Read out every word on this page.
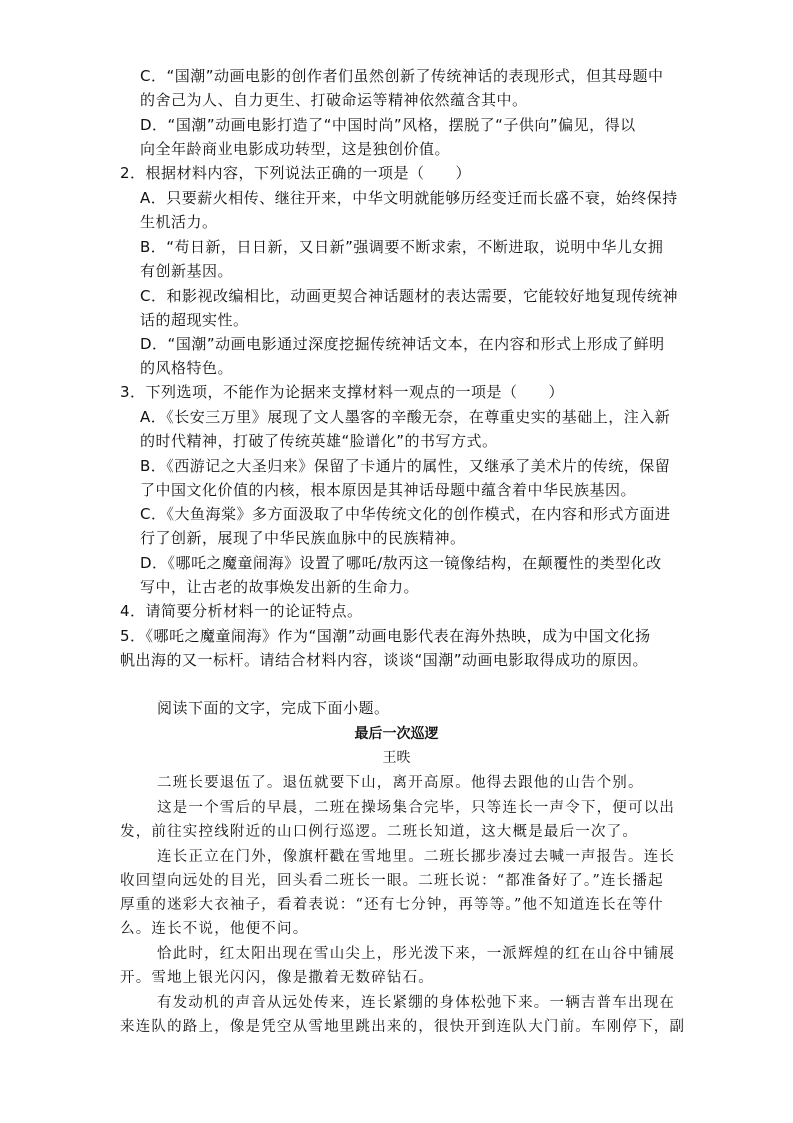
C．“国潮”动画电影的创作者们虽然创新了传统神话的表现形式，但其母题中
的舍己为人、自力更生、打破命运等精神依然蕴含其中。
D．“国潮”动画电影打造了“中国时尚”风格，摆脱了“子供向”偏见，得以
向全年龄商业电影成功转型，这是独创价值。
2．根据材料内容，下列说法正确的一项是（　　）
A．只要薪火相传、继往开来，中华文明就能够历经变迁而长盛不衰，始终保持
生机活力。
B．“苟日新，日日新，又日新”强调要不断求索，不断进取，说明中华儿女拥
有创新基因。
C．和影视改编相比，动画更契合神话题材的表达需要，它能较好地复现传统神
话的超现实性。
D．“国潮”动画电影通过深度挖掘传统神话文本，在内容和形式上形成了鲜明
的风格特色。
3．下列选项，不能作为论据来支撑材料一观点的一项是（　　）
A．《长安三万里》展现了文人墨客的辛酸无奈，在尊重史实的基础上，注入新
的时代精神，打破了传统英雄“脸谱化”的书写方式。
B．《西游记之大圣归来》保留了卡通片的属性，又继承了美术片的传统，保留
了中国文化价值的内核，根本原因是其神话母题中蕴含着中华民族基因。
C．《大鱼海棠》多方面汲取了中华传统文化的创作模式，在内容和形式方面进
行了创新，展现了中华民族血脉中的民族精神。
D．《哪吒之魔童闹海》设置了哪吒/敖丙这一镜像结构，在颠覆性的类型化改
写中，让古老的故事焕发出新的生命力。
4．请简要分析材料一的论证特点。
5．《哪吒之魔童闹海》作为“国潮”动画电影代表在海外热映，成为中国文化扬
帆出海的又一标杆。请结合材料内容，谈谈“国潮”动画电影取得成功的原因。
阅读下面的文字，完成下面小题。
最后一次巡逻
王昳
二班长要退伍了。退伍就要下山，离开高原。他得去跟他的山告个别。
这是一个雪后的早晨，二班在操场集合完毕，只等连长一声令下，便可以出
发，前往实控线附近的山口例行巡逻。二班长知道，这大概是最后一次了。
连长正立在门外，像旗杆戳在雪地里。二班长挪步凑过去喊一声报告。连长
收回望向远处的目光，回头看二班长一眼。二班长说：“都准备好了。”连长播起
厚重的迷彩大衣袖子，看着表说：“还有七分钟，再等等。”他不知道连长在等什
么。连长不说，他便不问。
恰此时，红太阳出现在雪山尖上，彤光泼下来，一派辉煌的红在山谷中铺展
开。雪地上银光闪闪，像是撒着无数碎钻石。
有发动机的声音从远处传来，连长紧绷的身体松弛下来。一辆吉普车出现在
来连队的路上，像是凭空从雪地里跳出来的，很快开到连队大门前。车刚停下，副
